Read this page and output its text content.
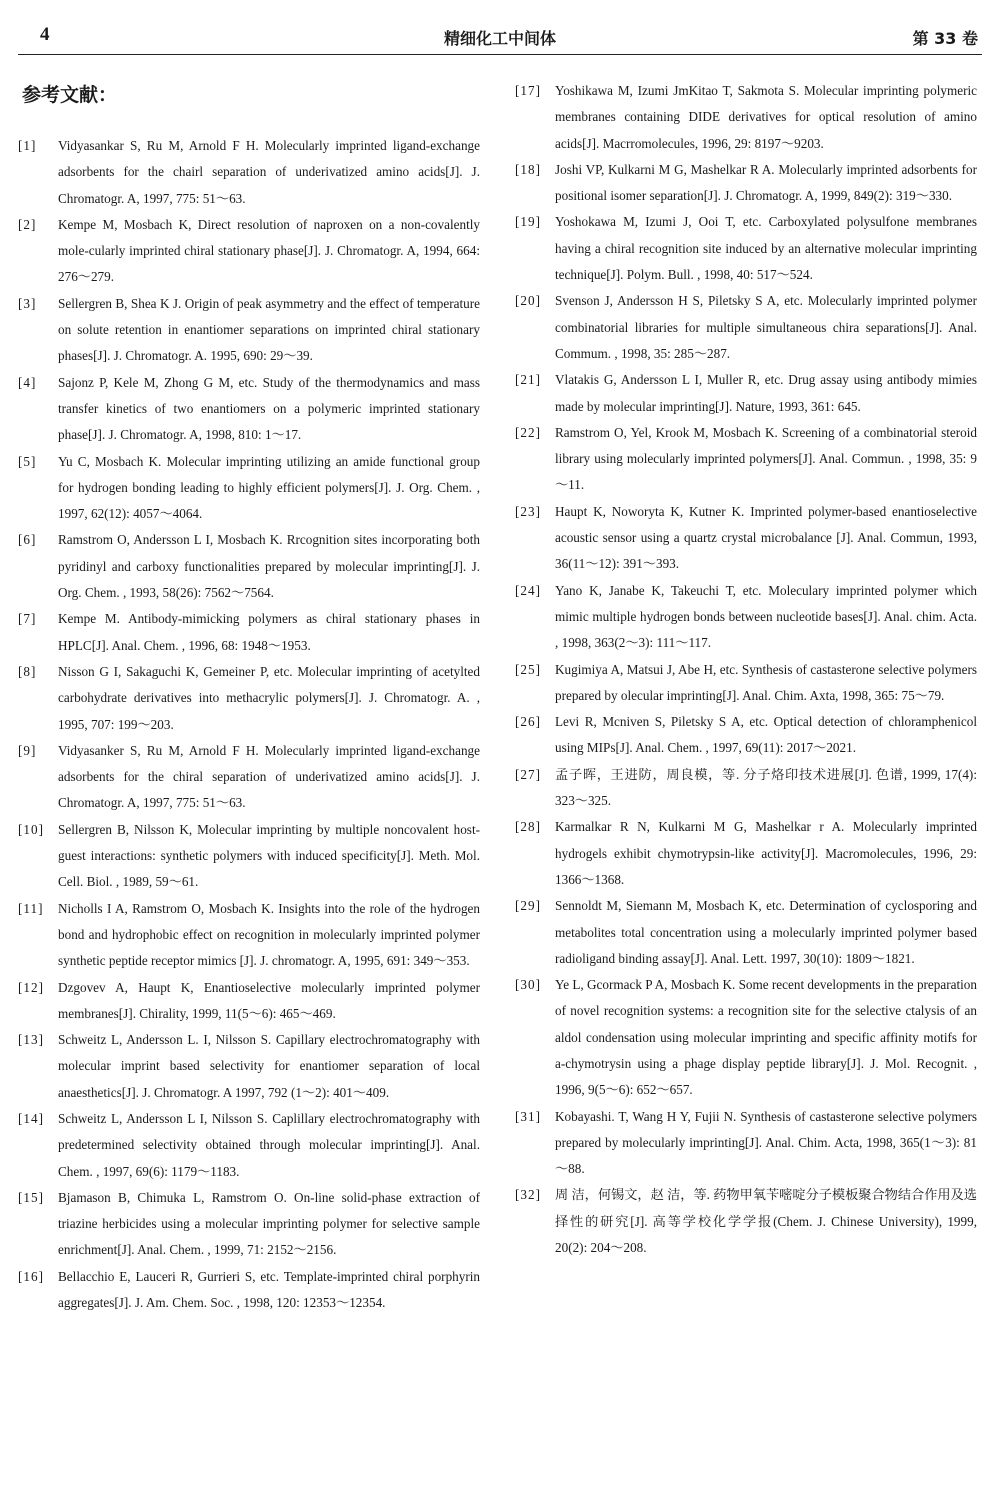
4	精细化工中间体	第 33 卷
参考文献：
[1]	Vidyasankar S, Ru M, Arnold F H. Molecularly imprinted ligand-exchange adsorbents for the chairl separation of underivatized amino acids[J]. J. Chromatogr. A, 1997, 775: 51～63.
[2]	Kempe M, Mosbach K, Direct resolution of naproxen on a non-covalently mole-cularly imprinted chiral stationary phase[J]. J. Chromatogr. A, 1994, 664: 276～279.
[3]	Sellergren B, Shea K J. Origin of peak asymmetry and the effect of temperature on solute retention in enantiomer separations on imprinted chiral stationary phases[J]. J. Chromatogr. A. 1995, 690: 29～39.
[4]	Sajonz P, Kele M, Zhong G M, etc. Study of the thermodynamics and mass transfer kinetics of two enantiomers on a polymeric imprinted stationary phase[J]. J. Chromatogr. A, 1998, 810: 1～17.
[5]	Yu C, Mosbach K. Molecular imprinting utilizing an amide functional group for hydrogen bonding leading to highly efficient polymers[J]. J. Org. Chem. , 1997, 62(12): 4057～4064.
[6]	Ramstrom O, Andersson L I, Mosbach K. Rrcognition sites incorporating both pyridinyl and carboxy functionalities prepared by molecular imprinting[J]. J. Org. Chem. , 1993, 58(26): 7562～7564.
[7]	Kempe M. Antibody-mimicking polymers as chiral stationary phases in HPLC[J]. Anal. Chem. , 1996, 68: 1948～1953.
[8]	Nisson G I, Sakaguchi K, Gemeiner P, etc. Molecular imprinting of acetylted carbohydrate derivatives into methacrylic polymers[J]. J. Chromatogr. A. , 1995, 707: 199～203.
[9]	Vidyasanker S, Ru M, Arnold F H. Molecularly imprinted ligand-exchange adsorbents for the chiral separation of underivatized amino acids[J]. J. Chromatogr. A, 1997, 775: 51～63.
[10]	Sellergren B, Nilsson K, Molecular imprinting by multiple noncovalent host-guest interactions: synthetic polymers with induced specificity[J]. Meth. Mol. Cell. Biol. , 1989, 59～61.
[11]	Nicholls I A, Ramstrom O, Mosbach K. Insights into the role of the hydrogen bond and hydrophobic effect on recognition in molecularly imprinted polymer synthetic peptide receptor mimics [J]. J. chromatogr. A, 1995, 691: 349～353.
[12]	Dzgovev A, Haupt K, Enantioselective molecularly imprinted polymer membranes[J]. Chirality, 1999, 11(5～6): 465～469.
[13]	Schweitz L, Andersson L. I, Nilsson S. Capillary electrochromatography with molecular imprint based selectivity for enantiomer separation of local anaesthetics[J]. J. Chromatogr. A 1997, 792 (1～2): 401～409.
[14]	Schweitz L, Andersson L I, Nilsson S. Caplillary electrochromatography with predetermined selectivity obtained through molecular imprinting[J]. Anal. Chem. , 1997, 69(6): 1179～1183.
[15]	Bjamason B, Chimuka L, Ramstrom O. On-line solid-phase extraction of triazine herbicides using a molecular imprinting polymer for selective sample enrichment[J]. Anal. Chem. , 1999, 71: 2152～2156.
[16]	Bellacchio E, Lauceri R, Gurrieri S, etc. Template-imprinted chiral porphyrin aggregates[J]. J. Am. Chem. Soc. , 1998, 120: 12353～12354.
[17]	Yoshikawa M, Izumi JmKitao T, Sakmota S. Molecular imprinting polymeric membranes containing DIDE derivatives for optical resolution of amino acids[J]. Macrromolecules, 1996, 29: 8197～9203.
[18]	Joshi VP, Kulkarni M G, Mashelkar R A. Molecularly imprinted adsorbents for positional isomer separation[J]. J. Chromatogr. A, 1999, 849(2): 319～330.
[19]	Yoshokawa M, Izumi J, Ooi T, etc. Carboxylated polysulfone membranes having a chiral recognition site induced by an alternative molecular imprinting technique[J]. Polym. Bull. , 1998, 40: 517～524.
[20]	Svenson J, Andersson H S, Piletsky S A, etc. Molecularly imprinted polymer combinatorial libraries for multiple simultaneous chira separations[J]. Anal. Commum. , 1998, 35: 285～287.
[21]	Vlatakis G, Andersson L I, Muller R, etc. Drug assay using antibody mimies made by molecular imprinting[J]. Nature, 1993, 361: 645.
[22]	Ramstrom O, Yel, Krook M, Mosbach K. Screening of a combinatorial steroid library using molecularly imprinted polymers[J]. Anal. Commun. , 1998, 35: 9～11.
[23]	Haupt K, Noworyta K, Kutner K. Imprinted polymer-based enantioselective acoustic sensor using a quartz crystal microbalance [J]. Anal. Commun, 1993, 36(11～12): 391～393.
[24]	Yano K, Janabe K, Takeuchi T, etc. Moleculary imprinted polymer which mimic multiple hydrogen bonds between nucleotide bases[J]. Anal. chim. Acta. , 1998, 363(2～3): 111～117.
[25]	Kugimiya A, Matsui J, Abe H, etc. Synthesis of castasterone selective polymers prepared by olecular imprinting[J]. Anal. Chim. Axta, 1998, 365: 75～79.
[26]	Levi R, Mcniven S, Piletsky S A, etc. Optical detection of chloramphenicol using MIPs[J]. Anal. Chem. , 1997, 69(11): 2017～2021.
[27]	孟子晖，王进防，周良模，等. 分子烙印技术进展[J]. 色谱, 1999, 17(4): 323～325.
[28]	Karmalkar R N, Kulkarni M G, Mashelkar r A. Molecularly imprinted hydrogels exhibit chymotrypsin-like activity[J]. Macromolecules, 1996, 29: 1366～1368.
[29]	Sennoldt M, Siemann M, Mosbach K, etc. Determination of cyclosporing and metabolites total concentration using a molecularly imprinted polymer based radioligand binding assay[J]. Anal. Lett. 1997, 30(10): 1809～1821.
[30]	Ye L, Gcormack P A, Mosbach K. Some recent developments in the preparation of novel recognition systems: a recognition site for the selective ctalysis of an aldol condensation using molecular imprinting and specific affinity motifs for a-chymotrysin using a phage display peptide library[J]. J. Mol. Recognit. , 1996, 9(5～6): 652～657.
[31]	Kobayashi. T, Wang H Y, Fujii N. Synthesis of castasterone selective polymers prepared by molecularly imprinting[J]. Anal. Chim. Acta, 1998, 365(1～3): 81～88.
[32]	周 洁，何锡文，赵 洁，等. 药物甲氧苄嘧啶分子模板聚合物结合作用及选择性的研究[J]. 高等学校化学学报(Chem. J. Chinese University), 1999, 20(2): 204～208.
